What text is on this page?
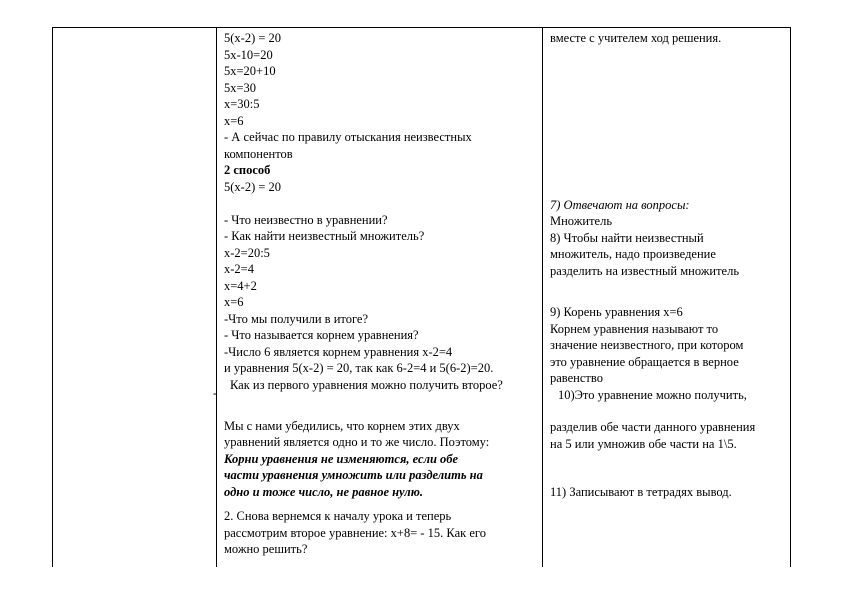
-
5(x-2) = 20
5x-10=20
5x=20+10
5x=30
x=30:5
x=6
- А сейчас по правилу отыскания неизвестных
компонентов
2 способ
5(x-2) = 20
- Что неизвестно в уравнении?
- Как найти неизвестный множитель?
x-2=20:5
x-2=4
x=4+2
x=6
-Что мы получили в итоге?
- Что называется корнем уравнения?
-Число 6 является корнем уравнения x-2=4
и уравнения 5(x-2) = 20, так как 6-2=4 и 5(6-2)=20.
Как из первого уравнения можно получить второе?
Мы с нами убедились, что корнем этих двух
уравнений является одно и то же число. Поэтому:
Корни уравнения не изменяются, если обе
части уравнения умножить или разделить на
одно и тоже число, не равное нулю.
2. Снова вернемся к началу урока и теперь
рассмотрим второе уравнение: x+8= - 15. Как его
можно решить?
вместе с учителем ход решения.
7) Отвечают на вопросы:
Множитель
8) Чтобы найти неизвестный
множитель, надо произведение
разделить на известный множитель
9) Корень уравнения x=6
Корнем уравнения называют то
значение неизвестного, при котором
это уравнение обращается в верное
равенство
10)Это уравнение можно получить,
разделив обе части данного уравнения
на 5 или умножив обе части на 1\5.
11) Записывают в тетрадях вывод.
